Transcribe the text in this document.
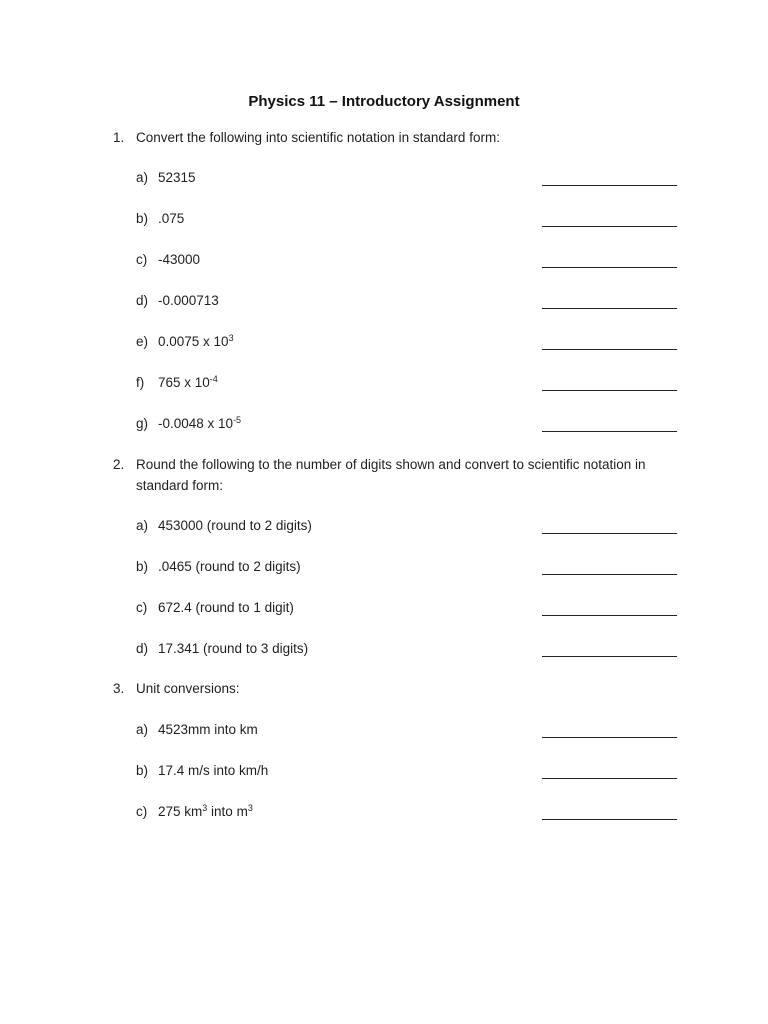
Physics 11 – Introductory Assignment
1. Convert the following into scientific notation in standard form:
a) 52315
b) .075
c) -43000
d) -0.000713
e) 0.0075 x $10^3$
f) 765 x $10^{-4}$
g) -0.0048 x $10^{-5}$
2. Round the following to the number of digits shown and convert to scientific notation in
standard form:
a) 453000 (round to 2 digits)
b) .0465 (round to 2 digits)
c) 672.4 (round to 1 digit)
d) 17.341 (round to 3 digits)
3. Unit conversions:
a) 4523mm into km
b) 17.4 m/s into km/h
c) 275 $km^3$ into $m^3$
